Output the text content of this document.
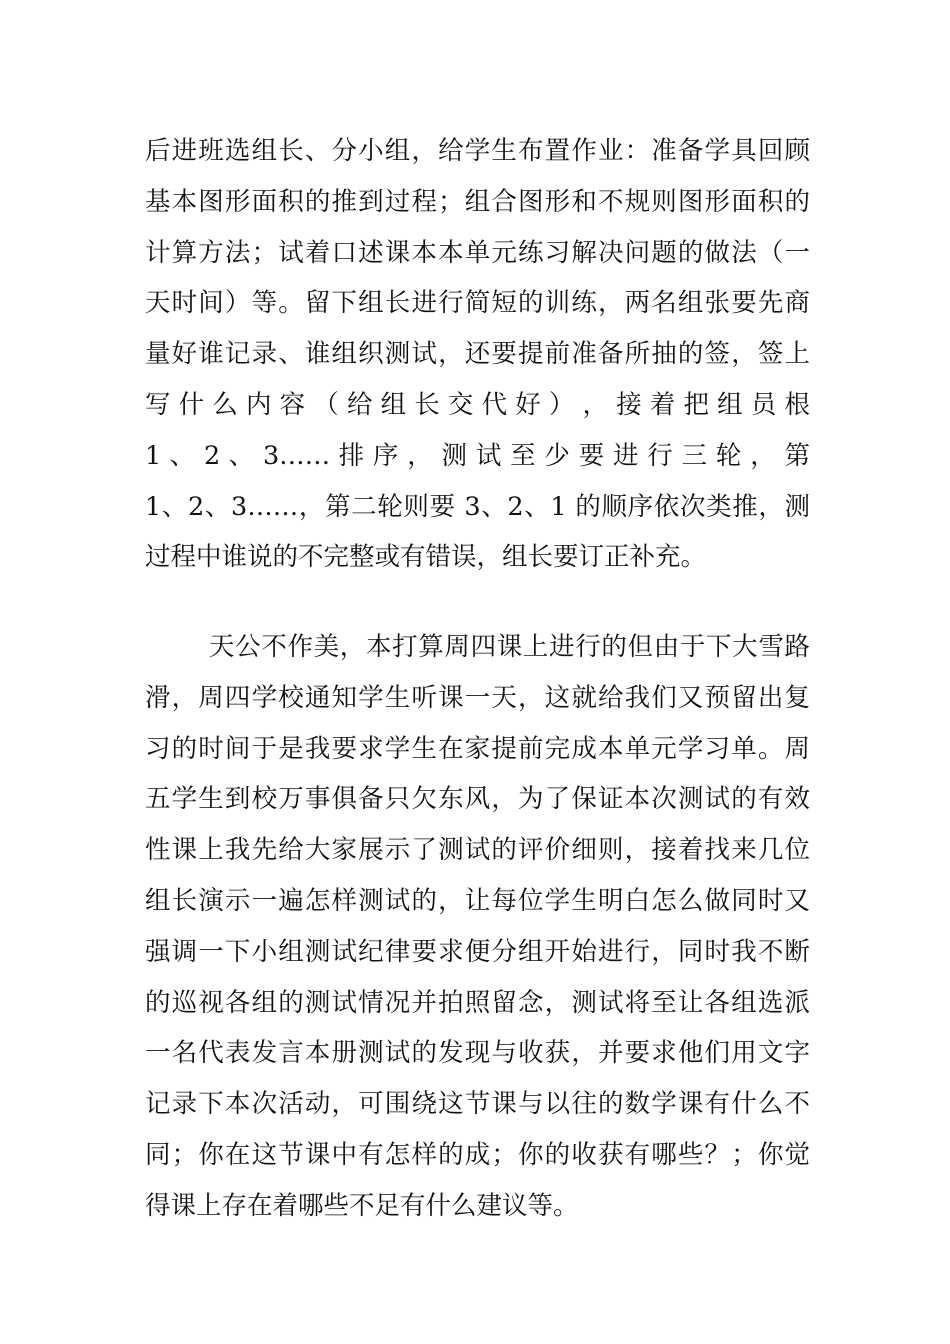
后进班选组长、分小组，给学生布置作业：准备学具回顾
基本图形面积的推到过程；组合图形和不规则图形面积的
计算方法；试着口述课本本单元练习解决问题的做法（一
天时间）等。留下组长进行简短的训练，两名组张要先商
量好谁记录、谁组织测试，还要提前准备所抽的签，签上
写 什 么 内 容 （ 给 组 长 交 代 好 ） ， 接 着 把 组 员 根
1 、 2 、 3…… 排 序 ， 测 试 至 少 要 进 行 三 轮 ， 第
1、2、3……，第二轮则要 3、2、1 的顺序依次类推，测
过程中谁说的不完整或有错误，组长要订正补充。
天公不作美，本打算周四课上进行的但由于下大雪路
滑，周四学校通知学生听课一天，这就给我们又预留出复
习的时间于是我要求学生在家提前完成本单元学习单。周
五学生到校万事俱备只欠东风，为了保证本次测试的有效
性课上我先给大家展示了测试的评价细则，接着找来几位
组长演示一遍怎样测试的，让每位学生明白怎么做同时又
强调一下小组测试纪律要求便分组开始进行，同时我不断
的巡视各组的测试情况并拍照留念，测试将至让各组选派
一名代表发言本册测试的发现与收获，并要求他们用文字
记录下本次活动，可围绕这节课与以往的数学课有什么不
同；你在这节课中有怎样的成；你的收获有哪些？；你觉
得课上存在着哪些不足有什么建议等。
